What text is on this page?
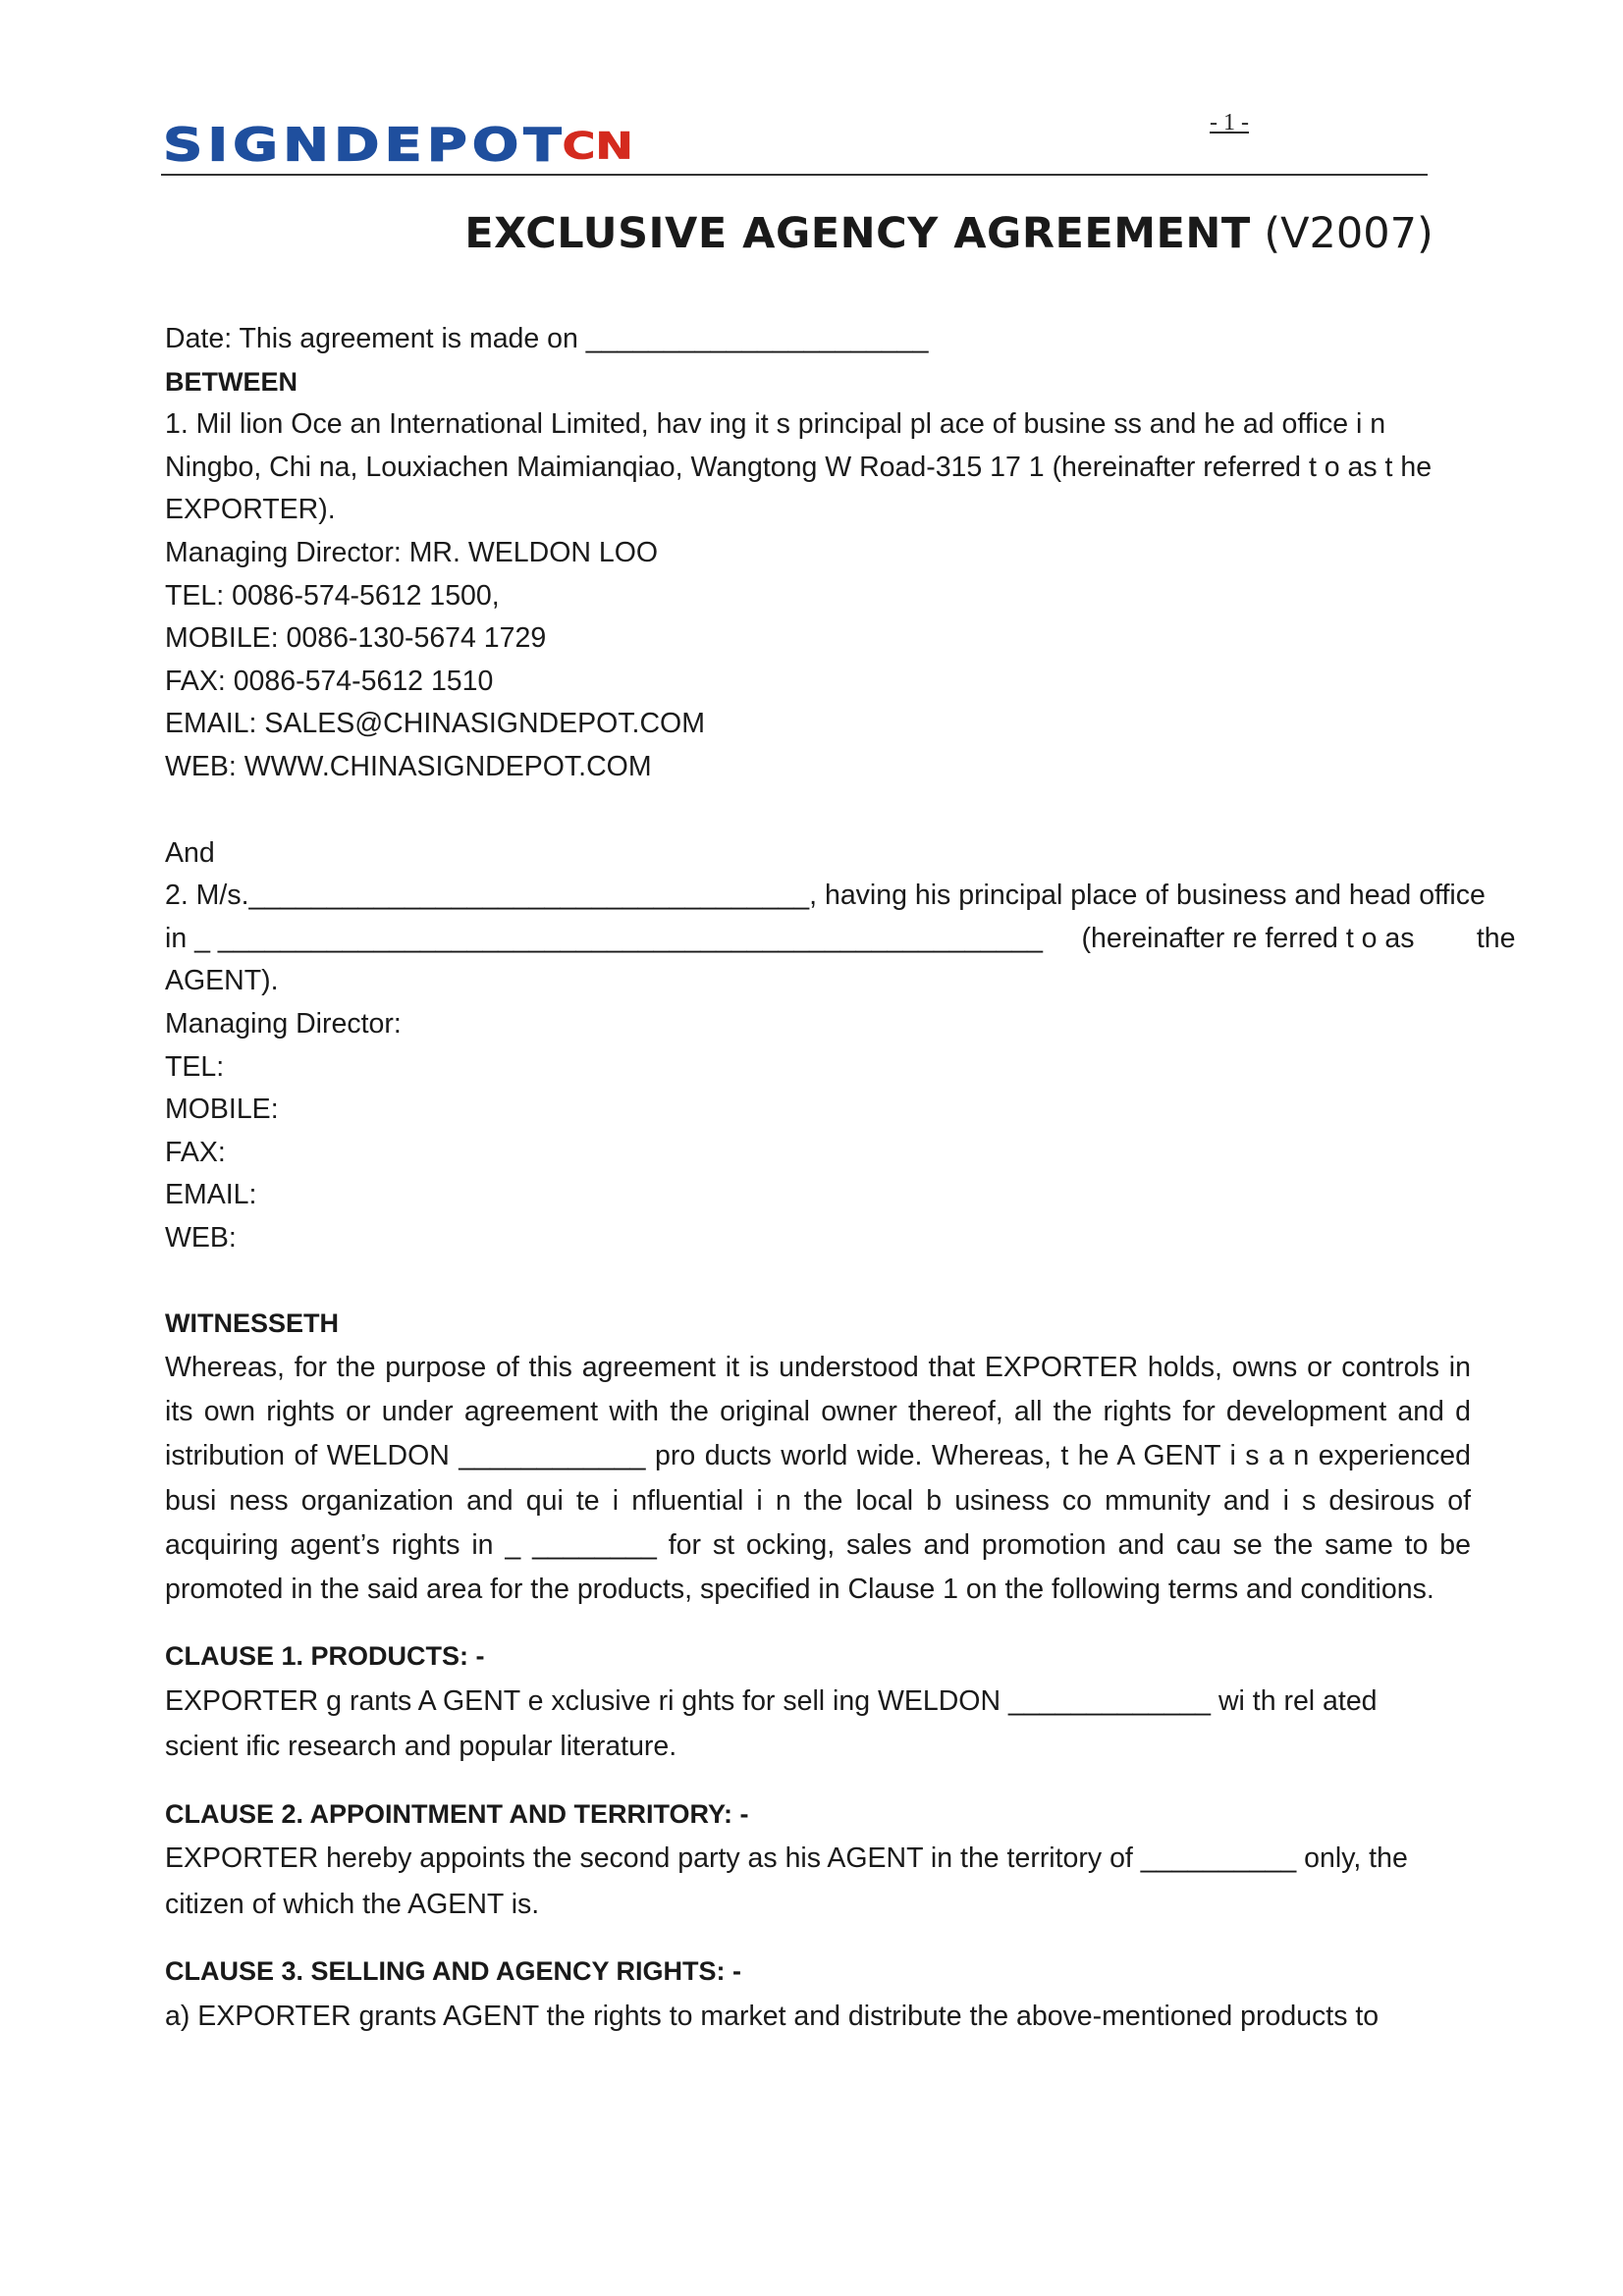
SIGNDEPOT
CN
- 1 -
EXCLUSIVE AGENCY AGREEMENT (V2007)

Date: This agreement is made on ______________________

BETWEEN

1. Mil lion Oce an International Limited, hav ing it s principal pl ace of busine ss and he ad office i n

Ningbo, Chi na, Louxiachen Maimianqiao, Wangtong W Road-315 17 1 (hereinafter referred t o as t he

EXPORTER).

Managing Director: MR. WELDON LOO

TEL: 0086-574-5612 1500,

MOBILE: 0086-130-5674 1729

FAX: 0086-574-5612 1510

EMAIL: SALES@CHINASIGNDEPOT.COM

WEB: WWW.CHINASIGNDEPOT.COM

And

2. M/s.____________________________________, having his principal place of business and head office

in _ _____________________________________________________     (hereinafter re ferred t o as        the

AGENT).

Managing Director:

TEL:

MOBILE:

FAX:

EMAIL:

WEB:

WITNESSETH

Whereas, for the purpose of this agreement it is understood that EXPORTER holds, owns or controls in its own rights or under agreement with the original owner thereof, all the rights for development and d istribution of WELDON ____________ pro ducts world wide. Whereas, t he A GENT i s a n experienced busi ness organization and qui te i nfluential i n the local b usiness co mmunity and i s desirous of acquiring agent’s rights in _ ________ for st ocking, sales and promotion and cau se the same to be promoted in the said area for the products, specified in Clause 1 on the following terms and conditions.

CLAUSE 1. PRODUCTS: -

EXPORTER g rants A GENT e xclusive ri ghts for sell ing WELDON _____________ wi th rel ated scient ific research and popular literature.

CLAUSE 2. APPOINTMENT AND TERRITORY: -

EXPORTER hereby appoints the second party as his AGENT in the territory of __________ only, the citizen of which the AGENT is.

CLAUSE 3. SELLING AND AGENCY RIGHTS: -

a) EXPORTER grants AGENT the rights to market and distribute the above-mentioned products to
